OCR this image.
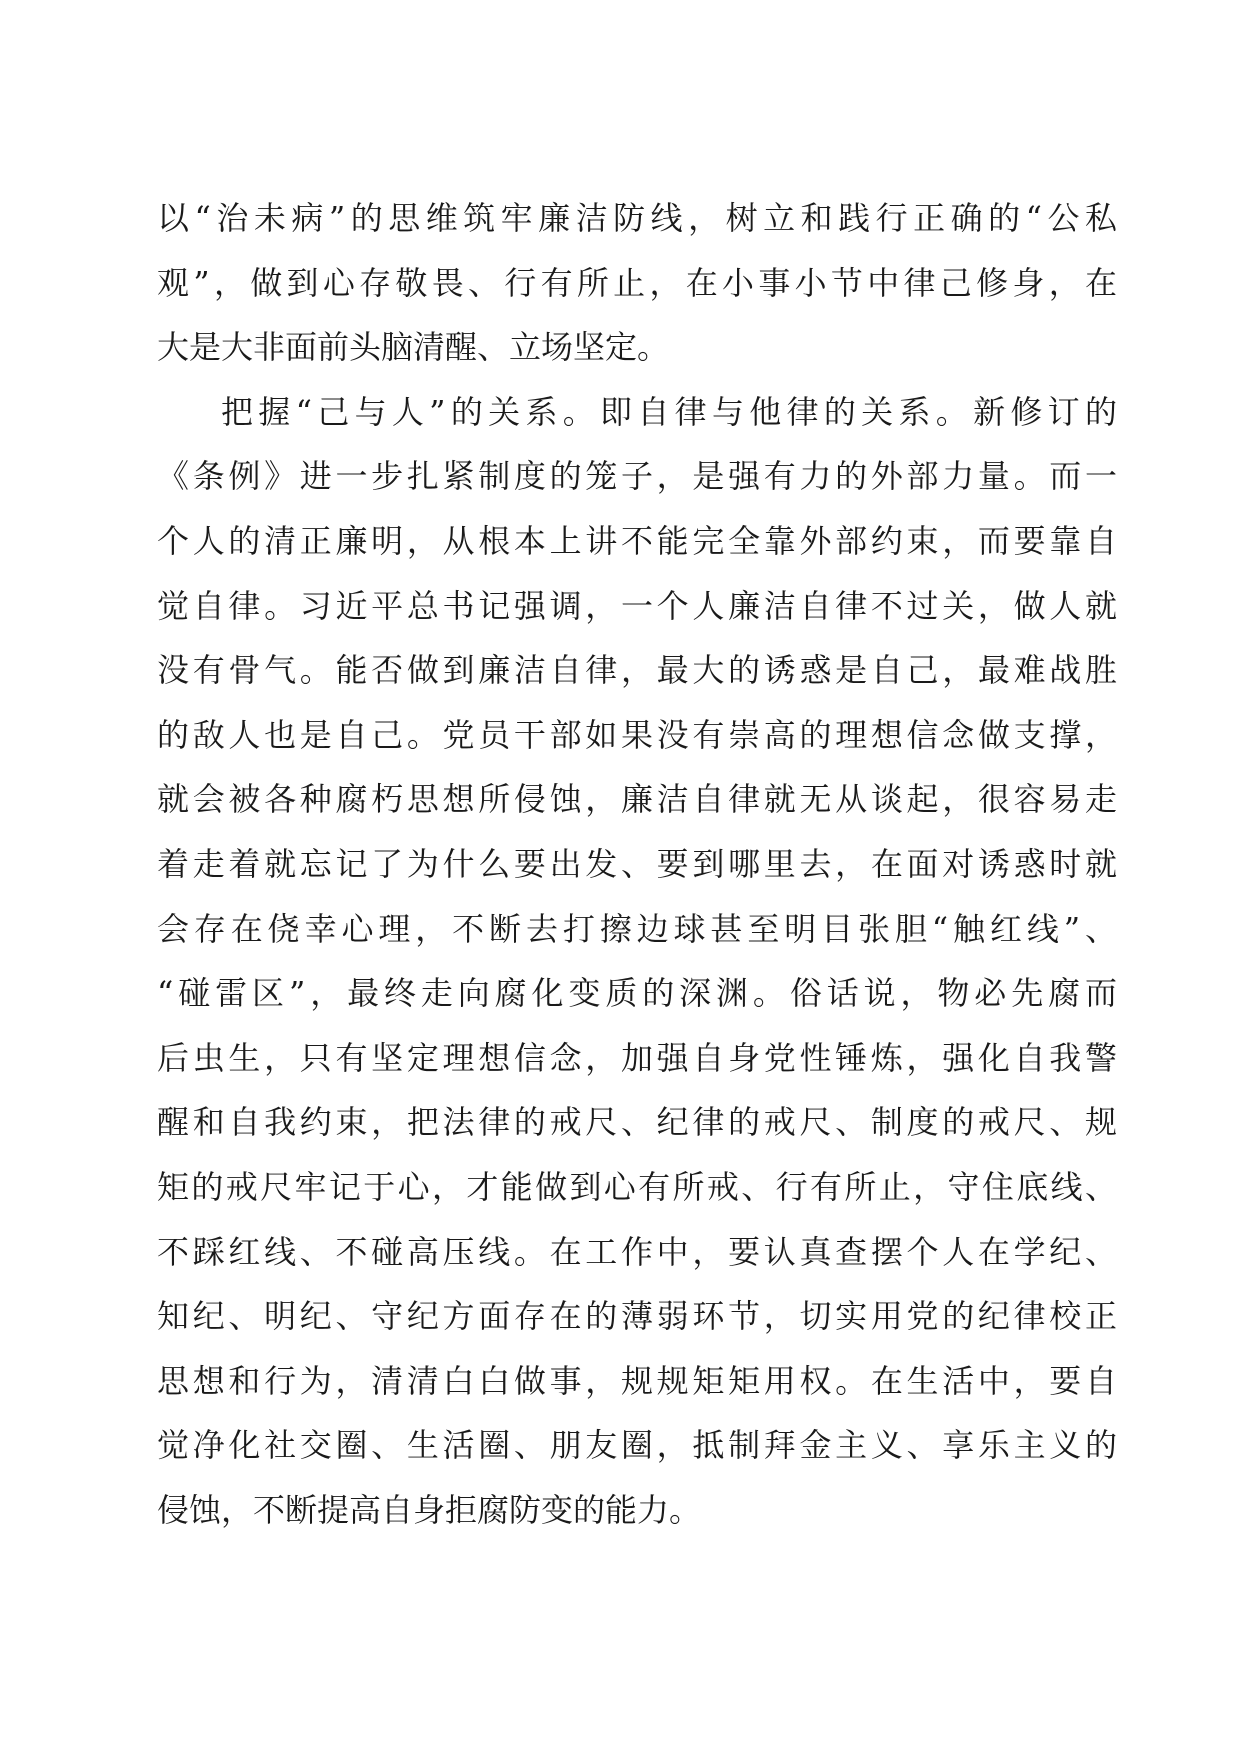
以“治未病”的思维筑牢廉洁防线，树立和践行正确的“公私
观”，做到心存敬畏、行有所止，在小事小节中律己修身，在
大是大非面前头脑清醒、立场坚定。
把握“己与人”的关系。即自律与他律的关系。新修订的
《条例》进一步扎紧制度的笼子，是强有力的外部力量。而一
个人的清正廉明，从根本上讲不能完全靠外部约束，而要靠自
觉自律。习近平总书记强调，一个人廉洁自律不过关，做人就
没有骨气。能否做到廉洁自律，最大的诱惑是自己，最难战胜
的敌人也是自己。党员干部如果没有崇高的理想信念做支撑，
就会被各种腐朽思想所侵蚀，廉洁自律就无从谈起，很容易走
着走着就忘记了为什么要出发、要到哪里去，在面对诱惑时就
会存在侥幸心理，不断去打擦边球甚至明目张胆“触红线”、
“碰雷区”，最终走向腐化变质的深渊。俗话说，物必先腐而
后虫生，只有坚定理想信念，加强自身党性锤炼，强化自我警
醒和自我约束，把法律的戒尺、纪律的戒尺、制度的戒尺、规
矩的戒尺牢记于心，才能做到心有所戒、行有所止，守住底线、
不踩红线、不碰高压线。在工作中，要认真查摆个人在学纪、
知纪、明纪、守纪方面存在的薄弱环节，切实用党的纪律校正
思想和行为，清清白白做事，规规矩矩用权。在生活中，要自
觉净化社交圈、生活圈、朋友圈，抵制拜金主义、享乐主义的
侵蚀，不断提高自身拒腐防变的能力。
